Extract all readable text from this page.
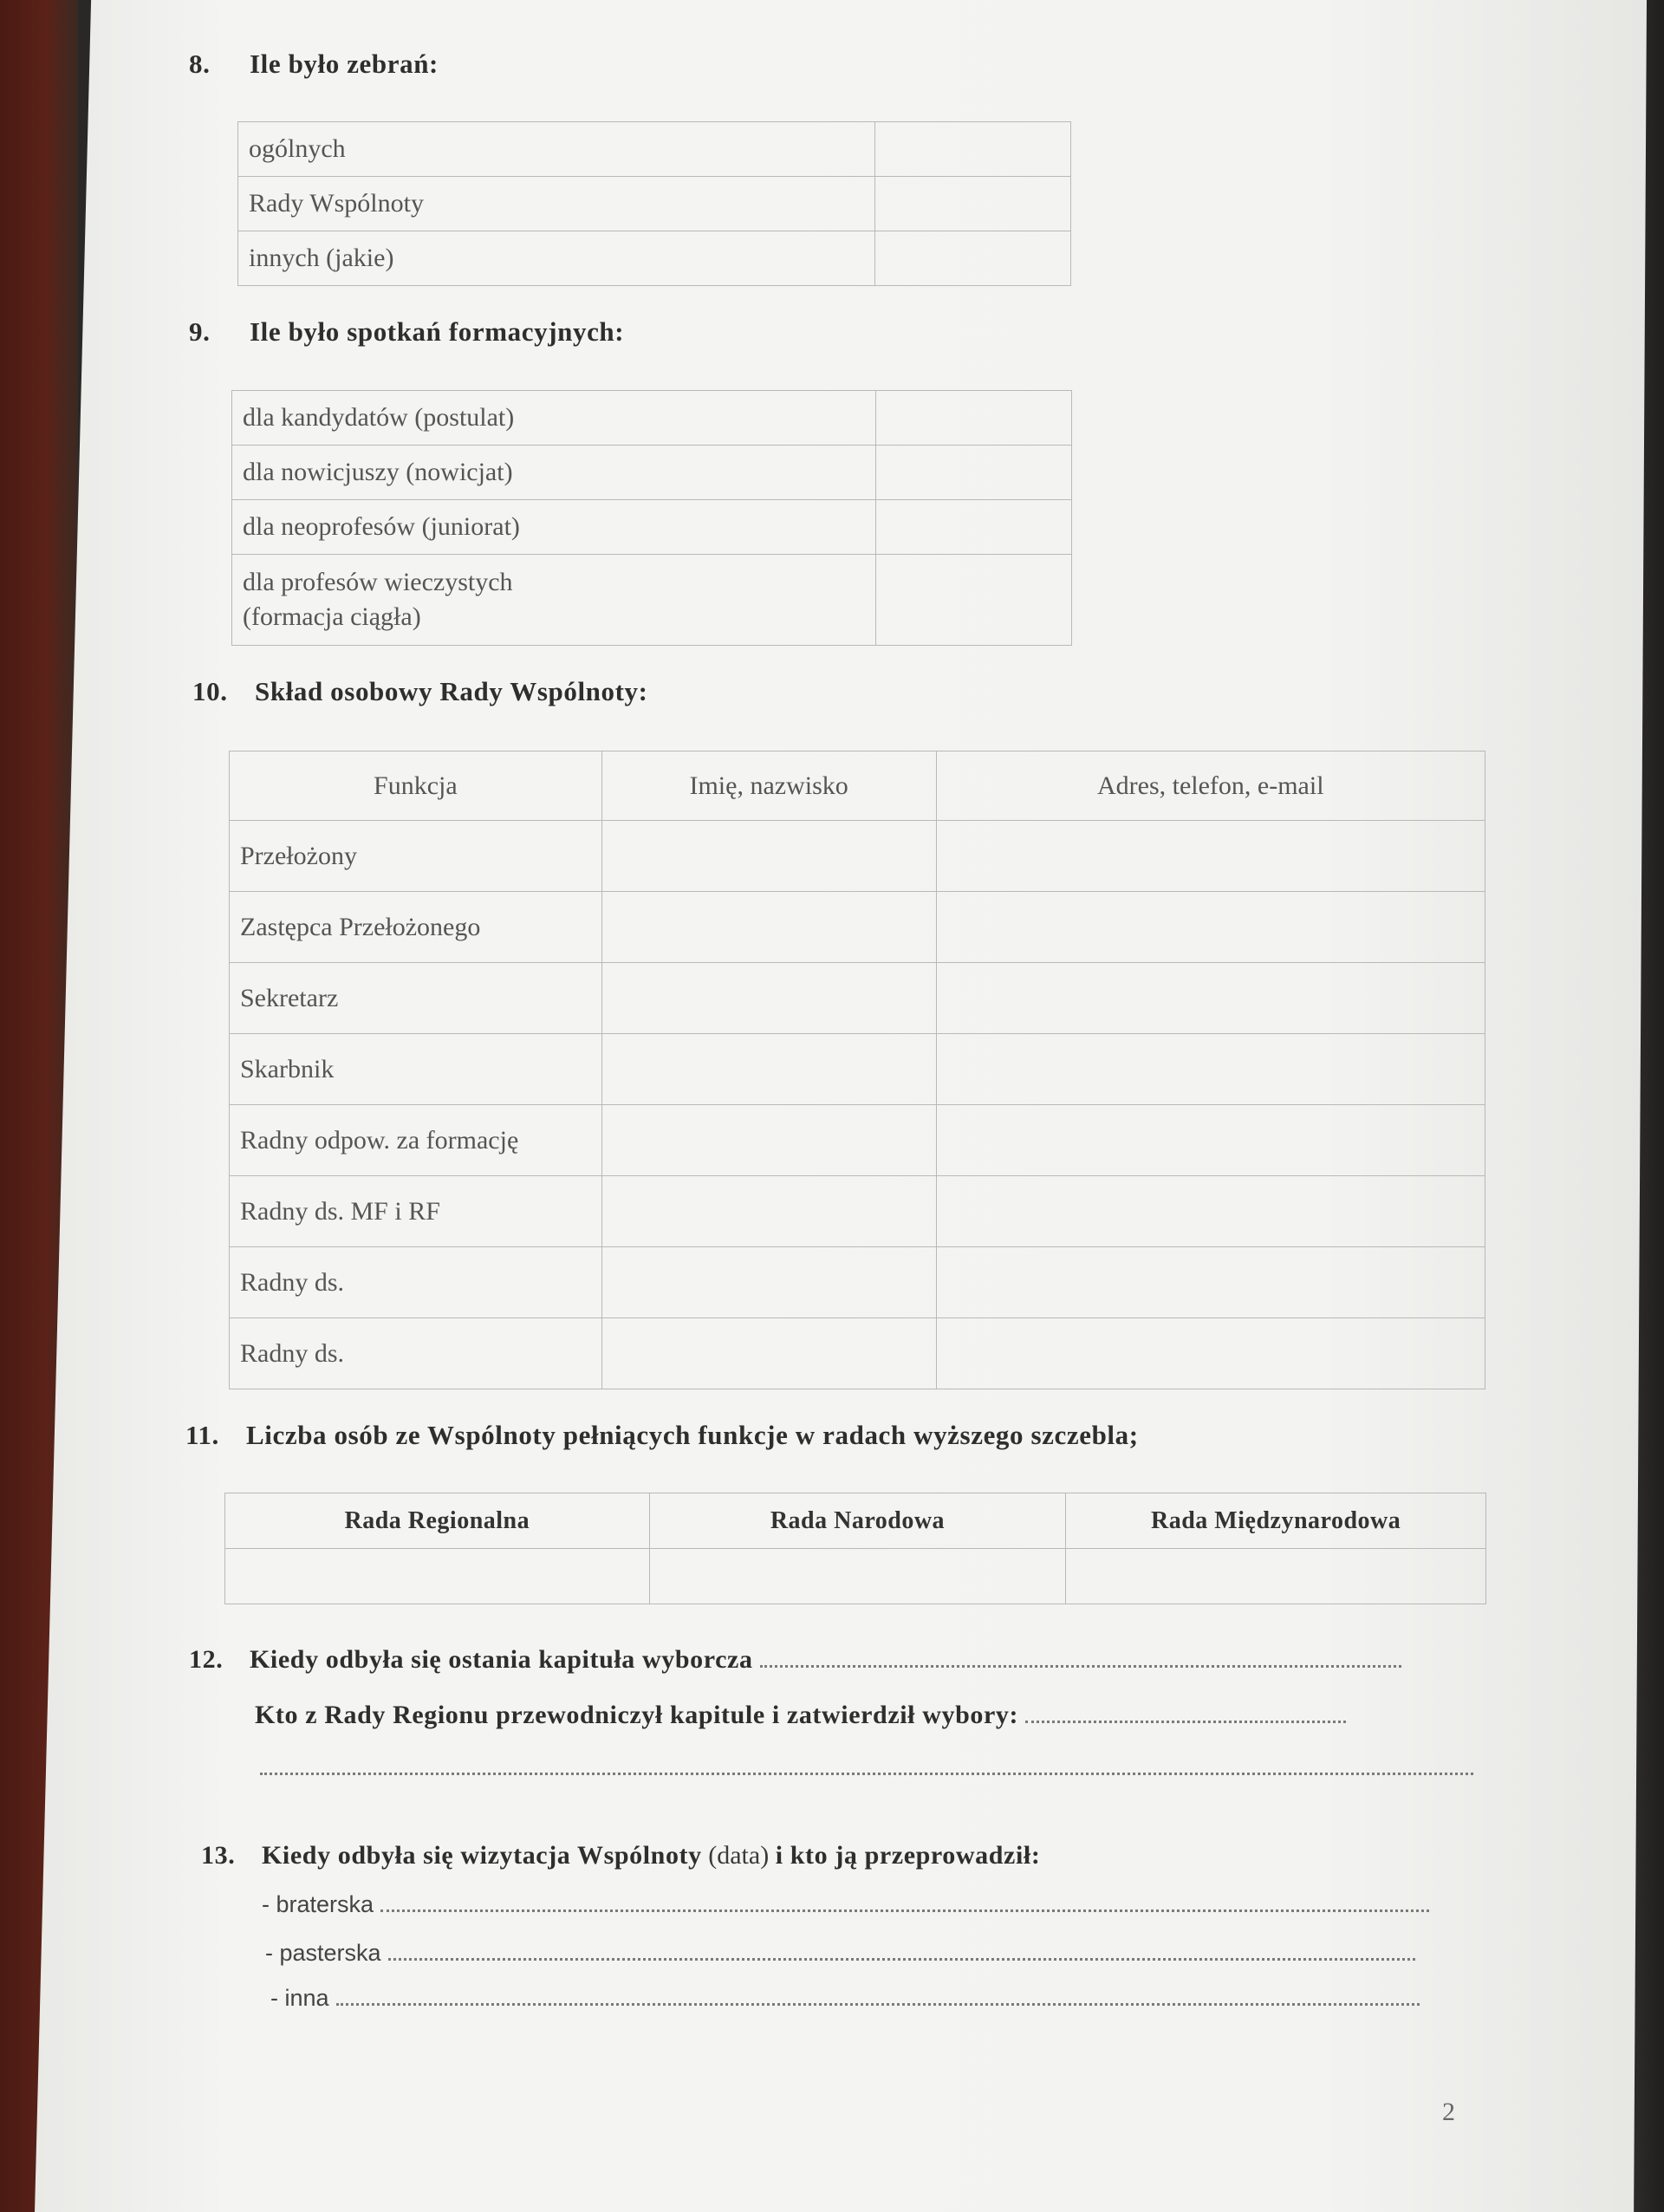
8. Ile było zebrań:
ogólnych	
Rady Wspólnoty	
innych (jakie)	
9. Ile było spotkań formacyjnych:
dla kandydatów (postulat)	
dla nowicjuszy (nowicjat)	
dla neoprofesów (juniorat)	
dla profesów wieczystych
(formacja ciągła)	
10. Skład osobowy Rady Wspólnoty:
Funkcja	Imię, nazwisko	Adres, telefon, e-mail
Przełożony		
Zastępca Przełożonego		
Sekretarz		
Skarbnik		
Radny odpow. za formację		
Radny ds. MF i RF		
Radny ds.		
Radny ds.		
11. Liczba osób ze Wspólnoty pełniących funkcje w radach wyższego szczebla;
Rada Regionalna	Rada Narodowa	Rada Międzynarodowa

12. Kiedy odbyła się ostania kapituła wyborcza
Kto z Rady Regionu przewodniczył kapitule i zatwierdził wybory:
13. Kiedy odbyła się wizytacja Wspólnoty (data) i kto ją przeprowadził:
- braterska
- pasterska
- inna
2
